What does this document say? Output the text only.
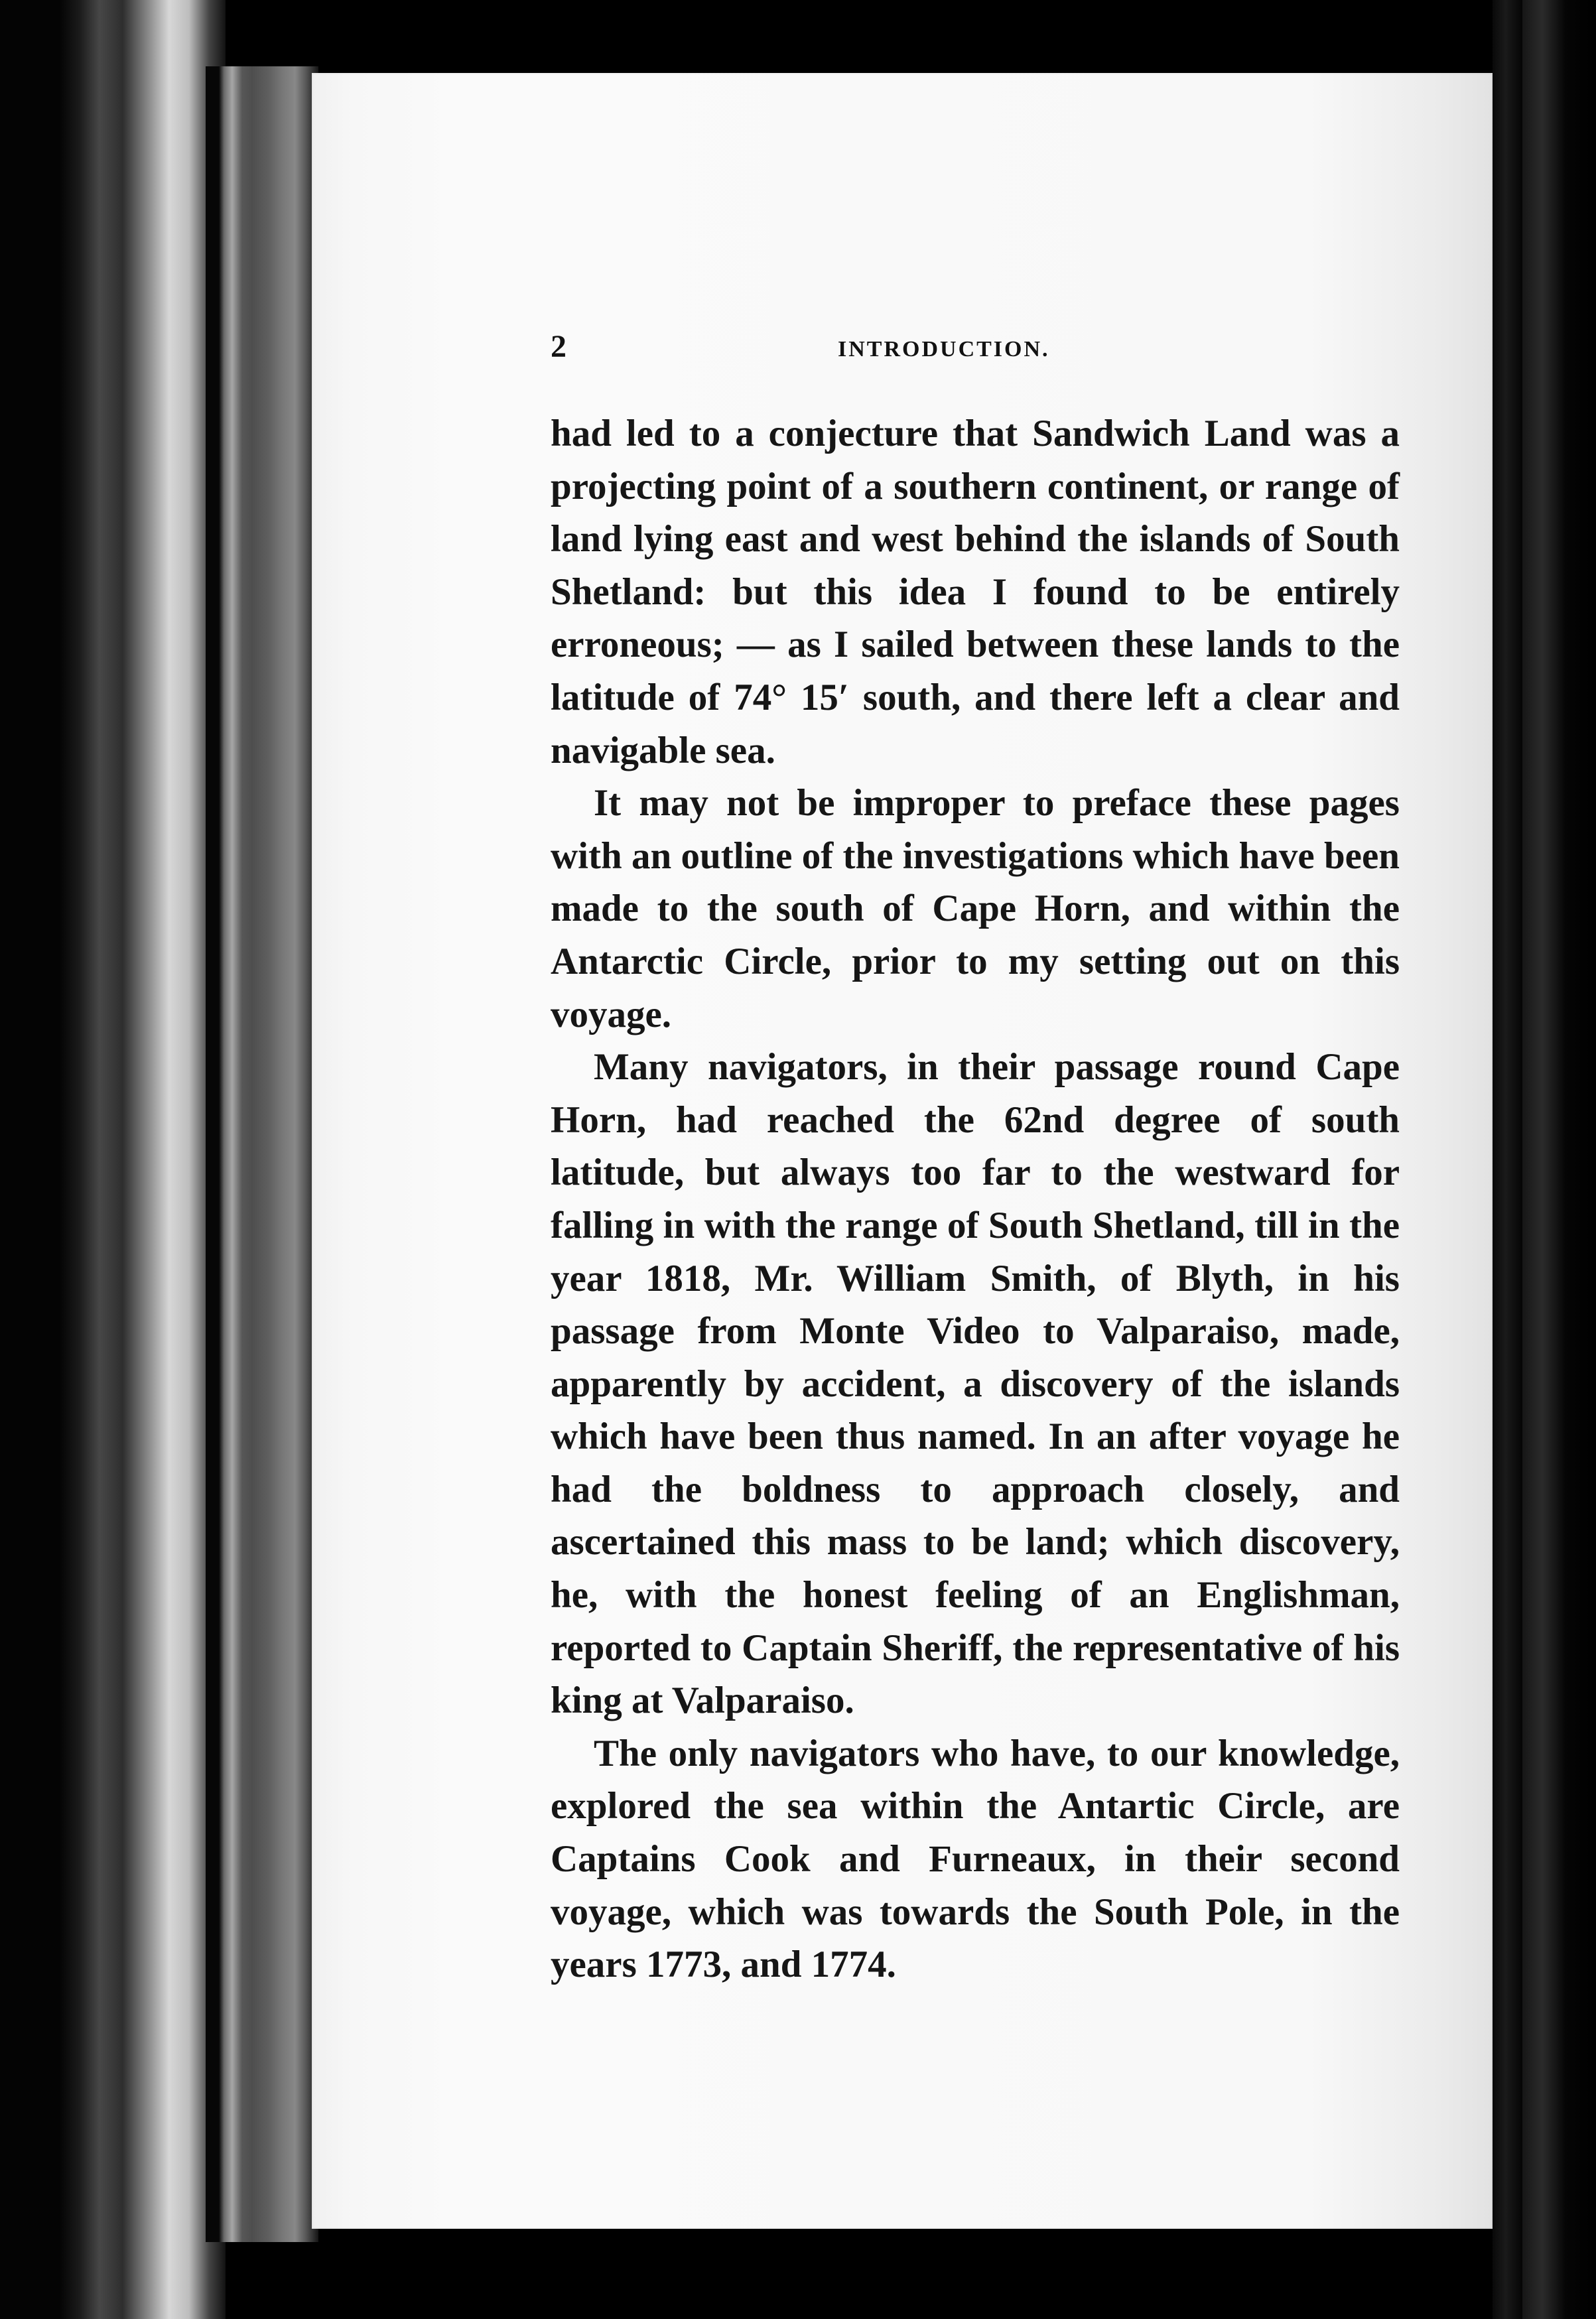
2	INTRODUCTION.

had led to a conjecture that Sandwich Land was a projecting point of a southern continent, or range of land lying east and west behind the islands of South Shetland: but this idea I found to be entirely erroneous; — as I sailed between these lands to the latitude of 74° 15′ south, and there left a clear and navigable sea.

It may not be improper to preface these pages with an outline of the investigations which have been made to the south of Cape Horn, and within the Antarctic Circle, prior to my setting out on this voyage.

Many navigators, in their passage round Cape Horn, had reached the 62nd degree of south latitude, but always too far to the westward for falling in with the range of South Shetland, till in the year 1818, Mr. William Smith, of Blyth, in his passage from Monte Video to Valparaiso, made, apparently by accident, a discovery of the islands which have been thus named. In an after voyage he had the boldness to approach closely, and ascertained this mass to be land; which discovery, he, with the honest feeling of an Englishman, reported to Captain Sheriff, the representative of his king at Valparaiso.

The only navigators who have, to our knowledge, explored the sea within the Antartic Circle, are Captains Cook and Furneaux, in their second voyage, which was towards the South Pole, in the years 1773, and 1774.
